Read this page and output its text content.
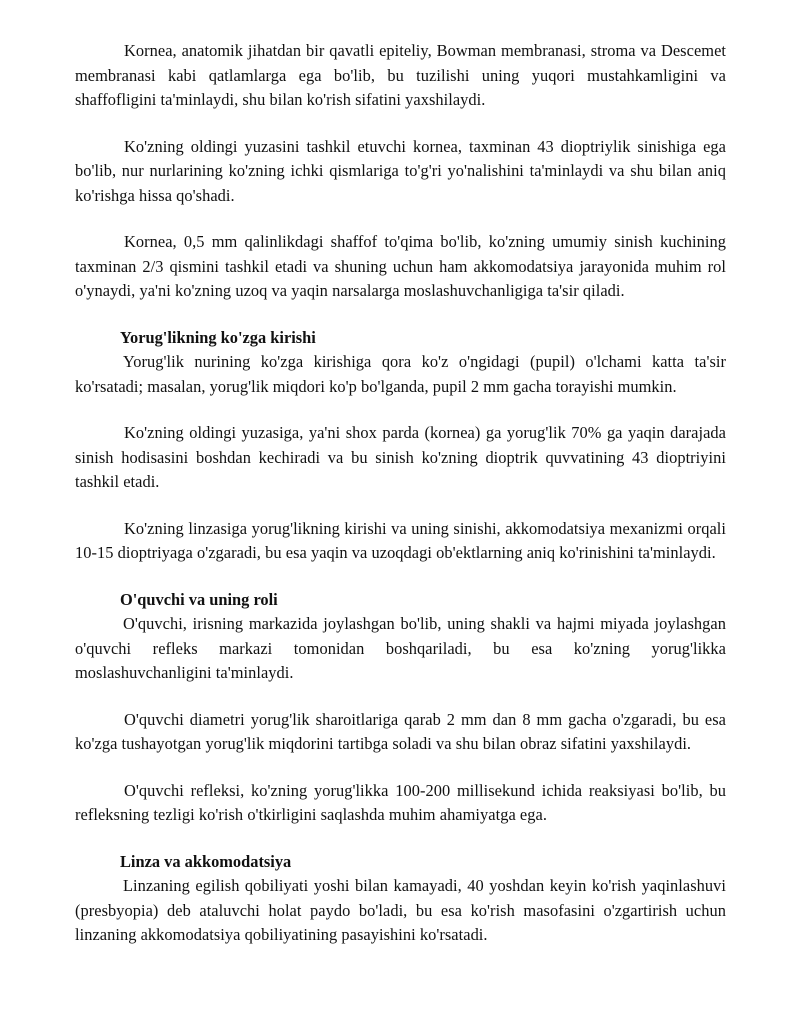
Kornea, anatomik jihatdan bir qavatli epiteliy, Bowman membranasi, stroma va Descemet membranasi kabi qatlamlarga ega bo'lib, bu tuzilishi uning yuqori mustahkamligini va shaffofligini ta'minlaydi, shu bilan ko'rish sifatini yaxshilaydi.

Ko'zning oldingi yuzasini tashkil etuvchi kornea, taxminan 43 dioptriylik sinishiga ega bo'lib, nur nurlarining ko'zning ichki qismlariga to'g'ri yo'nalishini ta'minlaydi va shu bilan aniq ko'rishga hissa qo'shadi.

Kornea, 0,5 mm qalinlikdagi shaffof to'qima bo'lib, ko'zning umumiy sinish kuchining taxminan 2/3 qismini tashkil etadi va shuning uchun ham akkomodatsiya jarayonida muhim rol o'ynaydi, ya'ni ko'zning uzoq va yaqin narsalarga moslashuvchanligiga ta'sir qiladi.

Yorug'likning ko'zga kirishi

Yorug'lik nurining ko'zga kirishiga qora ko'z o'ngidagi (pupil) o'lchami katta ta'sir ko'rsatadi; masalan, yorug'lik miqdori ko'p bo'lganda, pupil 2 mm gacha torayishi mumkin.

Ko'zning oldingi yuzasiga, ya'ni shox parda (kornea) ga yorug'lik 70% ga yaqin darajada sinish hodisasini boshdan kechiradi va bu sinish ko'zning dioptrik quvvatining 43 dioptriyini tashkil etadi.

Ko'zning linzasiga yorug'likning kirishi va uning sinishi, akkomodatsiya mexanizmi orqali 10-15 dioptriyaga o'zgaradi, bu esa yaqin va uzoqdagi ob'ektlarning aniq ko'rinishini ta'minlaydi.

O'quvchi va uning roli

O'quvchi, irisning markazida joylashgan bo'lib, uning shakli va hajmi miyada joylashgan o'quvchi refleks markazi tomonidan boshqariladi, bu esa ko'zning yorug'likka moslashuvchanligini ta'minlaydi.

O'quvchi diametri yorug'lik sharoitlariga qarab 2 mm dan 8 mm gacha o'zgaradi, bu esa ko'zga tushayotgan yorug'lik miqdorini tartibga soladi va shu bilan obraz sifatini yaxshilaydi.

O'quvchi refleksi, ko'zning yorug'likka 100-200 millisekund ichida reaksiyasi bo'lib, bu refleksning tezligi ko'rish o'tkirligini saqlashda muhim ahamiyatga ega.

Linza va akkomodatsiya

Linzaning egilish qobiliyati yoshi bilan kamayadi, 40 yoshdan keyin ko'rish yaqinlashuvi (presbyopia) deb ataluvchi holat paydo bo'ladi, bu esa ko'rish masofasini o'zgartirish uchun linzaning akkomodatsiya qobiliyatining pasayishini ko'rsatadi.
